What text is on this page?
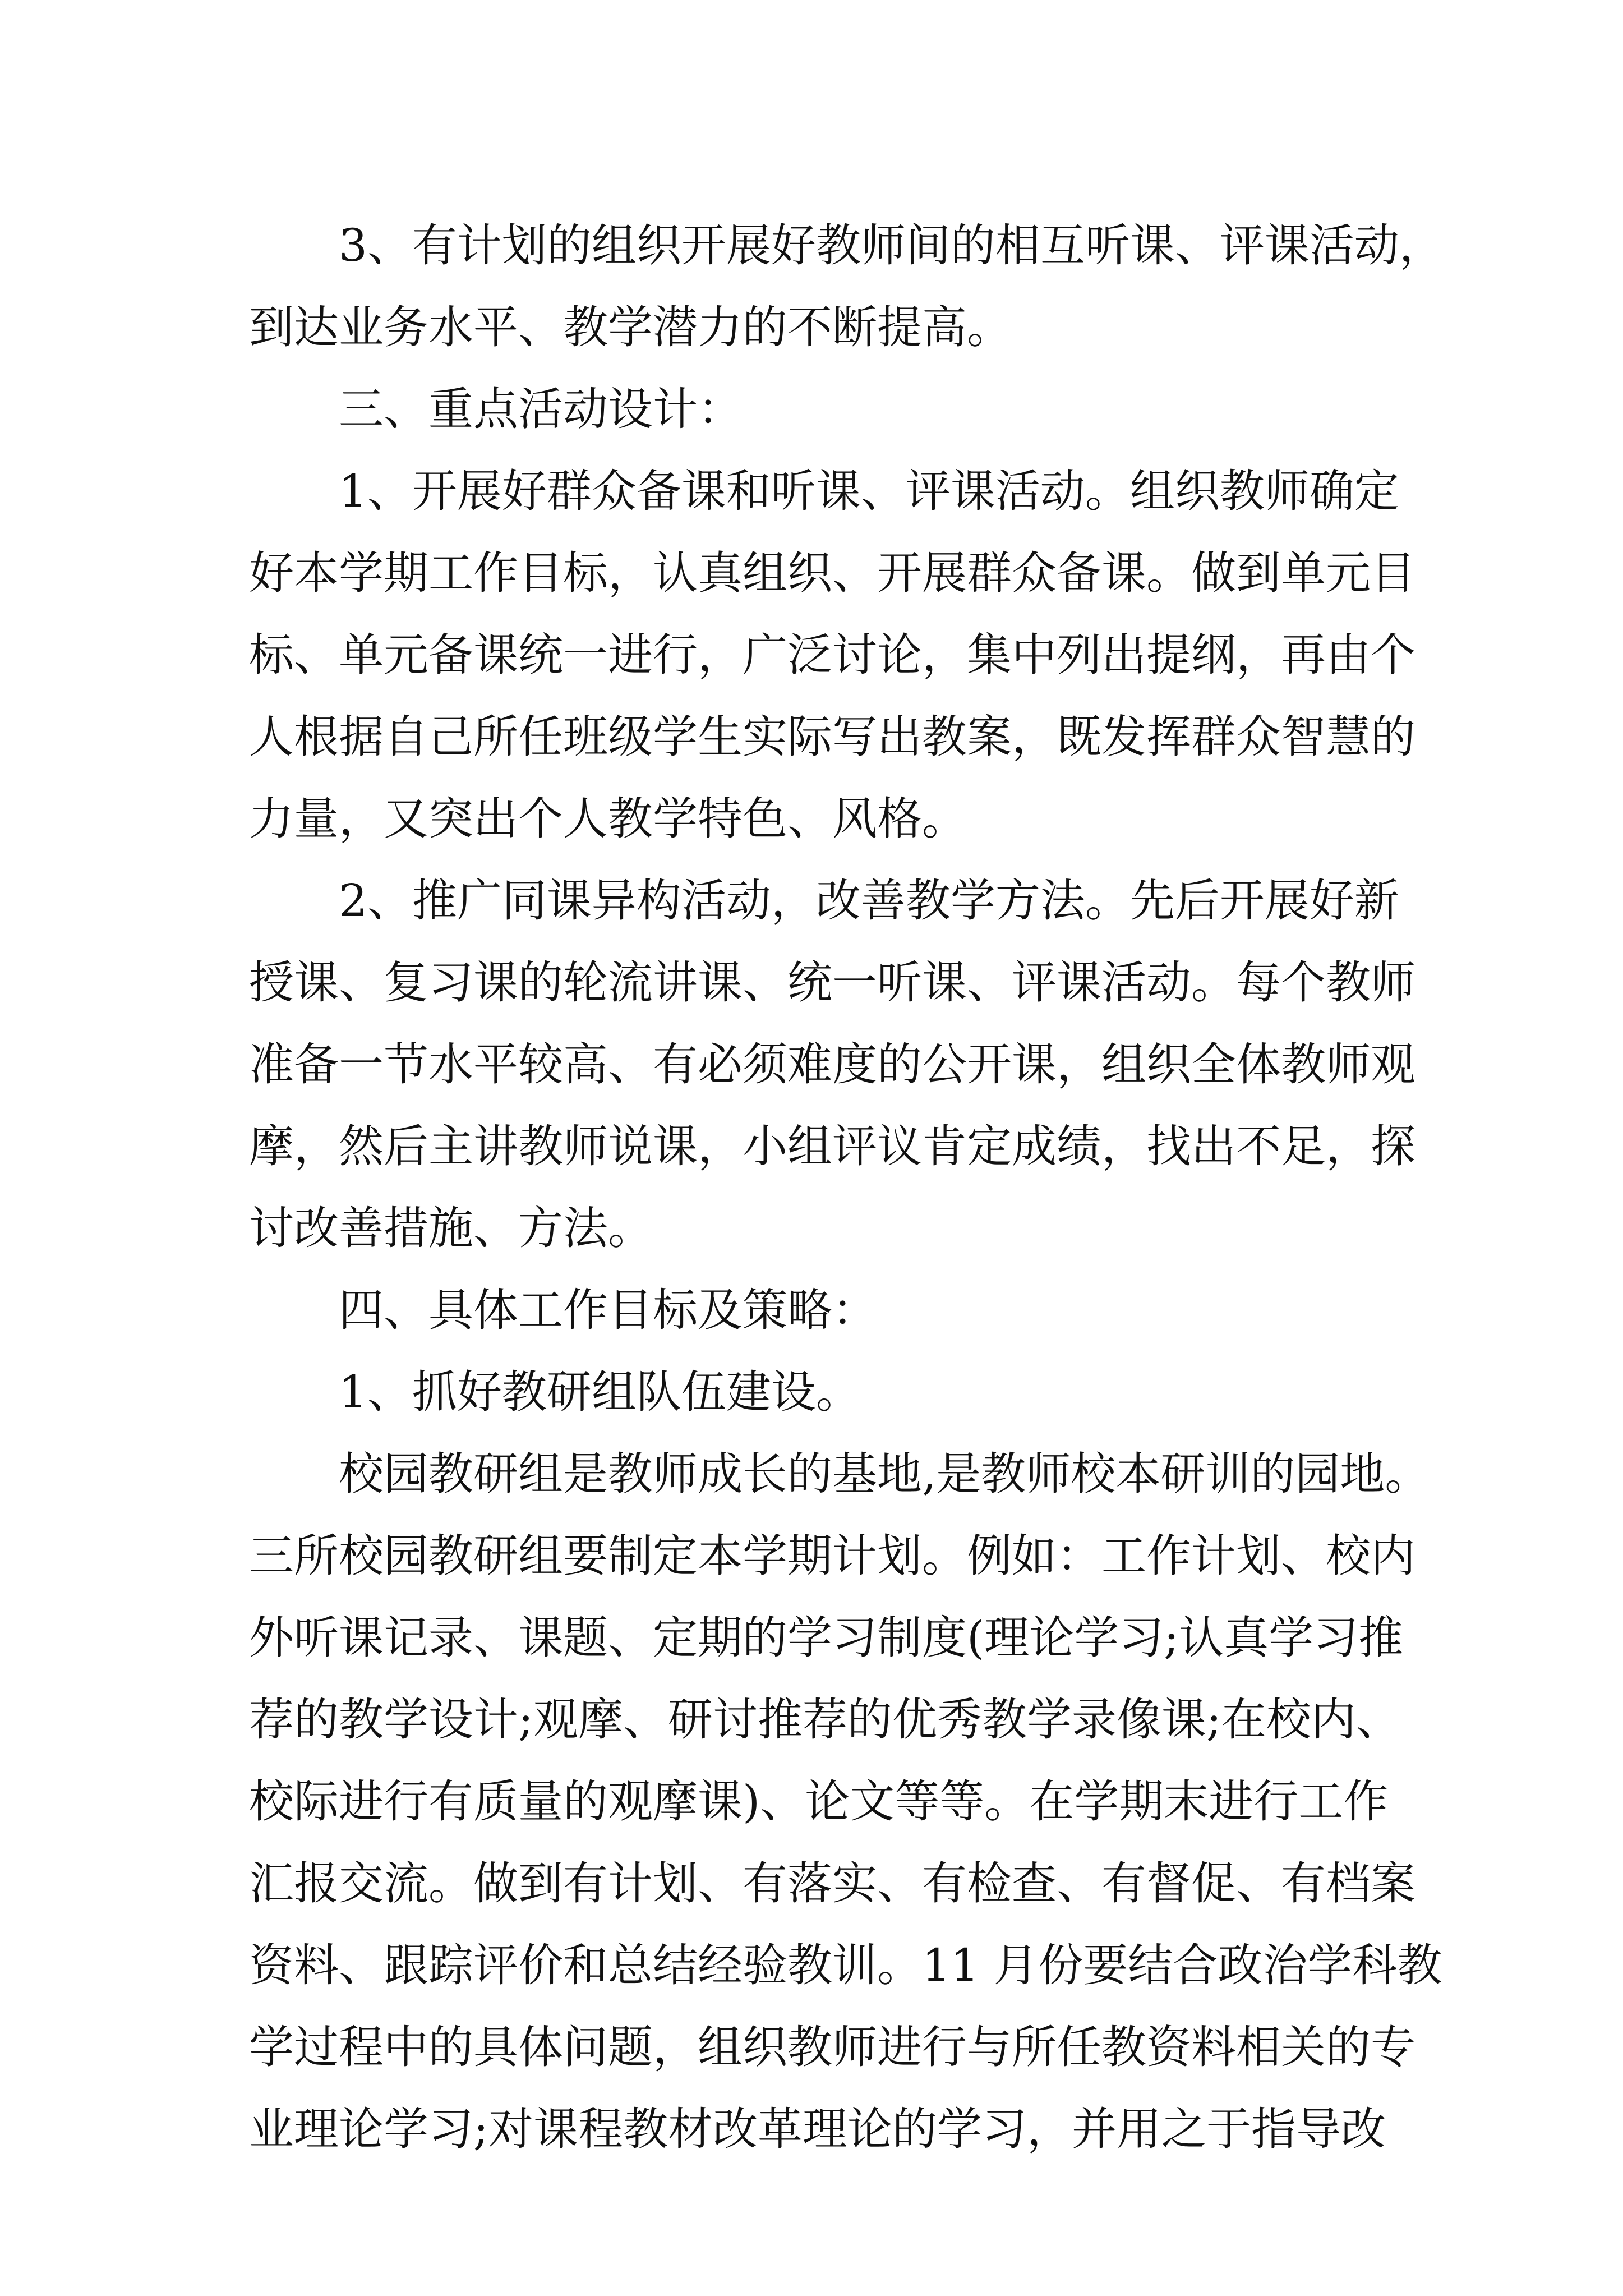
3、有计划的组织开展好教师间的相互听课、评课活动，
到达业务水平、教学潜力的不断提高。
三、重点活动设计：
1、开展好群众备课和听课、评课活动。组织教师确定
好本学期工作目标，认真组织、开展群众备课。做到单元目
标、单元备课统一进行，广泛讨论，集中列出提纲，再由个
人根据自己所任班级学生实际写出教案，既发挥群众智慧的
力量，又突出个人教学特色、风格。
2、推广同课异构活动，改善教学方法。先后开展好新
授课、复习课的轮流讲课、统一听课、评课活动。每个教师
准备一节水平较高、有必须难度的公开课，组织全体教师观
摩，然后主讲教师说课，小组评议肯定成绩，找出不足，探
讨改善措施、方法。
四、具体工作目标及策略：
1、抓好教研组队伍建设。
校园教研组是教师成长的基地,是教师校本研训的园地。
三所校园教研组要制定本学期计划。例如：工作计划、校内
外听课记录、课题、定期的学习制度(理论学习;认真学习推
荐的教学设计;观摩、研讨推荐的优秀教学录像课;在校内、
校际进行有质量的观摩课)、论文等等。在学期末进行工作
汇报交流。做到有计划、有落实、有检查、有督促、有档案
资料、跟踪评价和总结经验教训。11 月份要结合政治学科教
学过程中的具体问题，组织教师进行与所任教资料相关的专
业理论学习;对课程教材改革理论的学习，并用之于指导改
